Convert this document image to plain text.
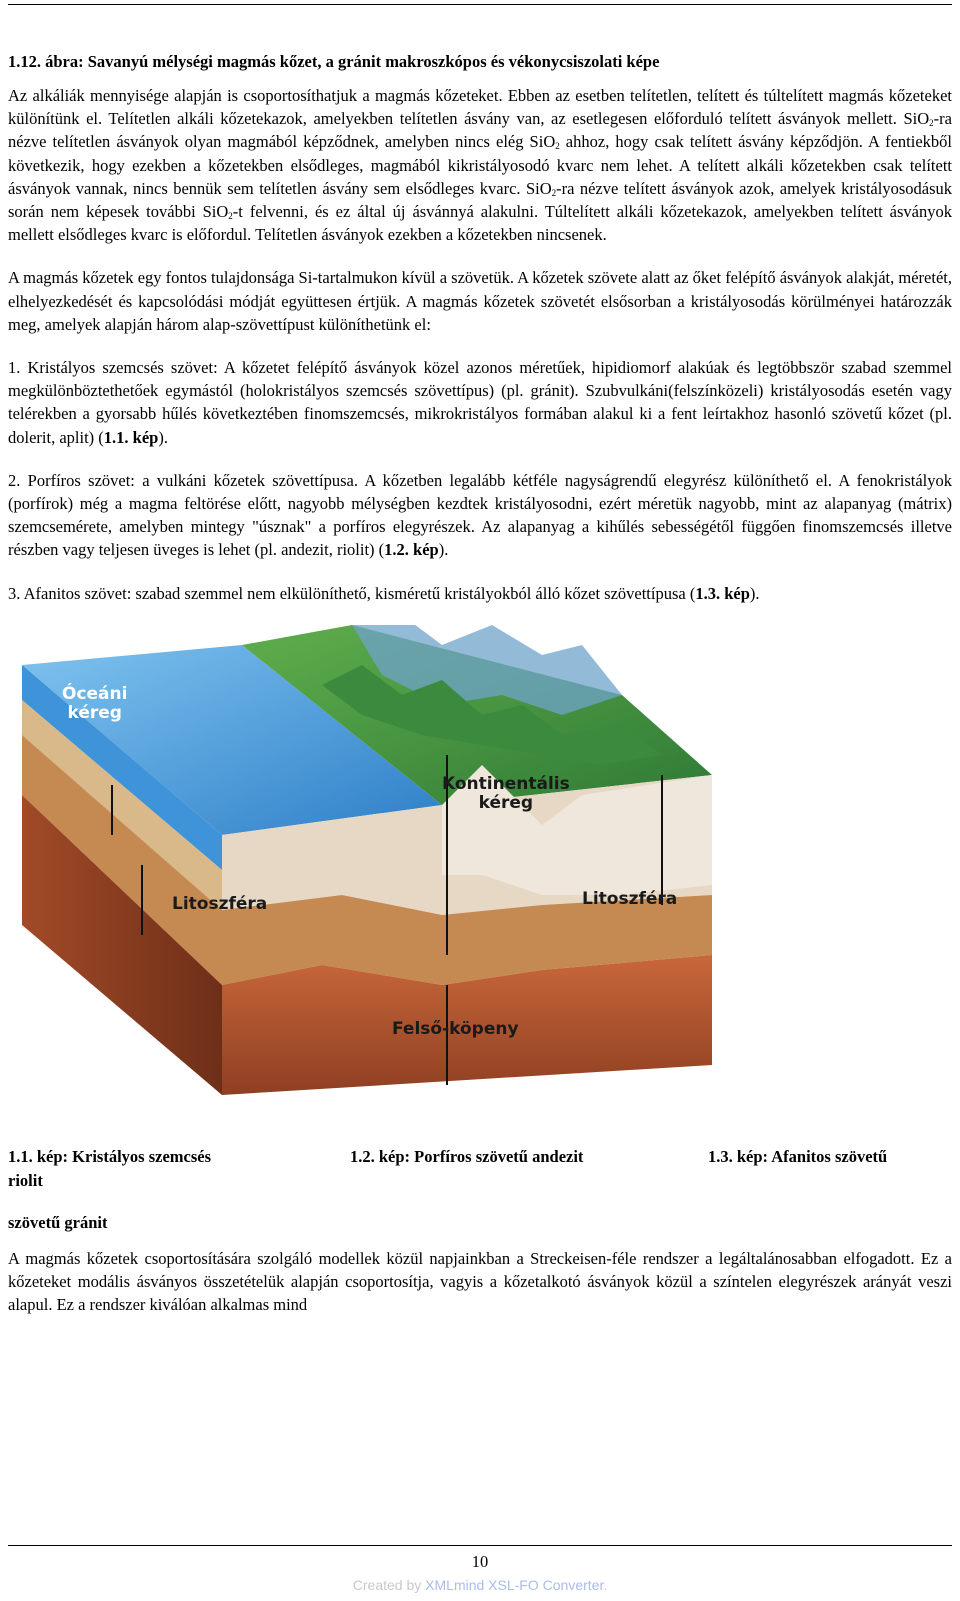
1.12. ábra: Savanyú mélységi magmás kőzet, a gránit makroszkópos és vékonycsiszolati képe

Az alkáliák mennyisége alapján is csoportosíthatjuk a magmás kőzeteket. Ebben az esetben telítetlen, telített és túltelített magmás kőzeteket különítünk el. Telítetlen alkáli kőzetekazok, amelyekben telítetlen ásvány van, az esetlegesen előforduló telített ásványok mellett. SiO$_2$-ra nézve telítetlen ásványok olyan magmából képződnek, amelyben nincs elég SiO$_2$ ahhoz, hogy csak telített ásvány képződjön. A fentiekből következik, hogy ezekben a kőzetekben elsődleges, magmából kikristályosodó kvarc nem lehet. A telített alkáli kőzetekben csak telített ásványok vannak, nincs bennük sem telítetlen ásvány sem elsődleges kvarc. SiO$_2$-ra nézve telített ásványok azok, amelyek kristályosodásuk során nem képesek további SiO$_2$-t felvenni, és ez által új ásvánnyá alakulni. Túltelített alkáli kőzetekazok, amelyekben telített ásványok mellett elsődleges kvarc is előfordul. Telítetlen ásványok ezekben a kőzetekben nincsenek.

A magmás kőzetek egy fontos tulajdonsága Si-tartalmukon kívül a szövetük. A kőzetek szövete alatt az őket felépítő ásványok alakját, méretét, elhelyezkedését és kapcsolódási módját együttesen értjük. A magmás kőzetek szövetét elsősorban a kristályosodás körülményei határozzák meg, amelyek alapján három alap-szövettípust különíthetünk el:

1. Kristályos szemcsés szövet: A kőzetet felépítő ásványok közel azonos méretűek, hipidiomorf alakúak és legtöbbször szabad szemmel megkülönböztethetőek egymástól (holokristályos szemcsés szövettípus) (pl. gránit). Szubvulkáni(felszínközeli) kristályosodás esetén vagy telérekben a gyorsabb hűlés következtében finomszemcsés, mikrokristályos formában alakul ki a fent leírtakhoz hasonló szövetű kőzet (pl. dolerit, aplit) (1.1. kép).

2. Porfíros szövet: a vulkáni kőzetek szövettípusa. A kőzetben legalább kétféle nagyságrendű elegyrész különíthető el. A fenokristályok (porfírok) még a magma feltörése előtt, nagyobb mélységben kezdtek kristályosodni, ezért méretük nagyobb, mint az alapanyag (mátrix) szemcsemérete, amelyben mintegy "úsznak" a porfíros elegyrészek. Az alapanyag a kihűlés sebességétől függően finomszemcsés illetve részben vagy teljesen üveges is lehet (pl. andezit, riolit) (1.2. kép).

3. Afanitos szövet: szabad szemmel nem elkülöníthető, kisméretű kristályokból álló kőzet szövettípusa (1.3. kép).

Óceáni
kéreg
Kontinentális
kéreg
Litoszféra	Litoszféra
Felső-köpeny
1.1. kép: Kristályos szemcsés	1.2. kép: Porfíros szövetű andezit	1.3. kép: Afanitos szövetű
riolit
szövetű gránit

A magmás kőzetek csoportosítására szolgáló modellek közül napjainkban a Streckeisen-féle rendszer a legáltalánosabban elfogadott. Ez a kőzeteket modális ásványos összetételük alapján csoportosítja, vagyis a kőzetalkotó ásványok közül a színtelen elegyrészek arányát veszi alapul. Ez a rendszer kiválóan alkalmas mind

10
Created by XMLmind XSL-FO Converter.
